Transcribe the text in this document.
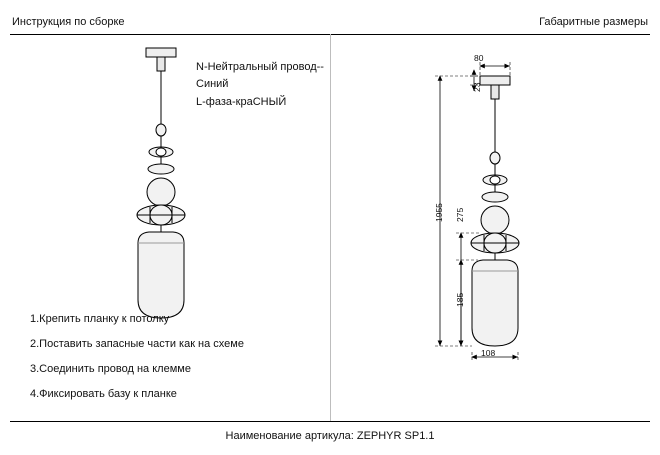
Инструкция по сборке	Габаритные размеры
N-Нейтральный провод--Синий
L-фаза-краСНЫЙ
1.Крепить планку к потолку
2.Поставить запасные части как на схеме
3.Соединить провод на клемме
4.Фиксировать базу к планке
80
23
1955 275
185
108
Наименование артикула: ZEPHYR SP1.1
